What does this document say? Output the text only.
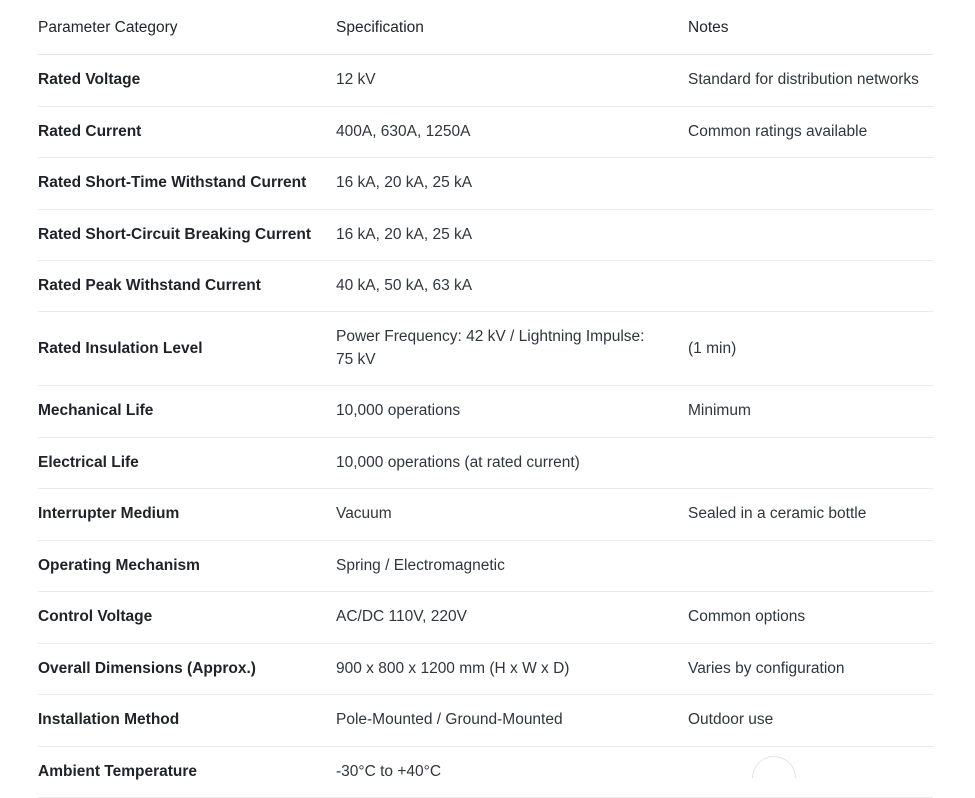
Parameter Category	Specification	Notes
Rated Voltage	12 kV	Standard for distribution networks
Rated Current	400A, 630A, 1250A	Common ratings available
Rated Short-Time Withstand Current	16 kA, 20 kA, 25 kA	
Rated Short-Circuit Breaking Current	16 kA, 20 kA, 25 kA	
Rated Peak Withstand Current	40 kA, 50 kA, 63 kA	
Rated Insulation Level	Power Frequency: 42 kV / Lightning Impulse: 75 kV	(1 min)
Mechanical Life	10,000 operations	Minimum
Electrical Life	10,000 operations (at rated current)	
Interrupter Medium	Vacuum	Sealed in a ceramic bottle
Operating Mechanism	Spring / Electromagnetic	
Control Voltage	AC/DC 110V, 220V	Common options
Overall Dimensions (Approx.)	900 x 800 x 1200 mm (H x W x D)	Varies by configuration
Installation Method	Pole-Mounted / Ground-Mounted	Outdoor use
Ambient Temperature	-30°C to +40°C	
